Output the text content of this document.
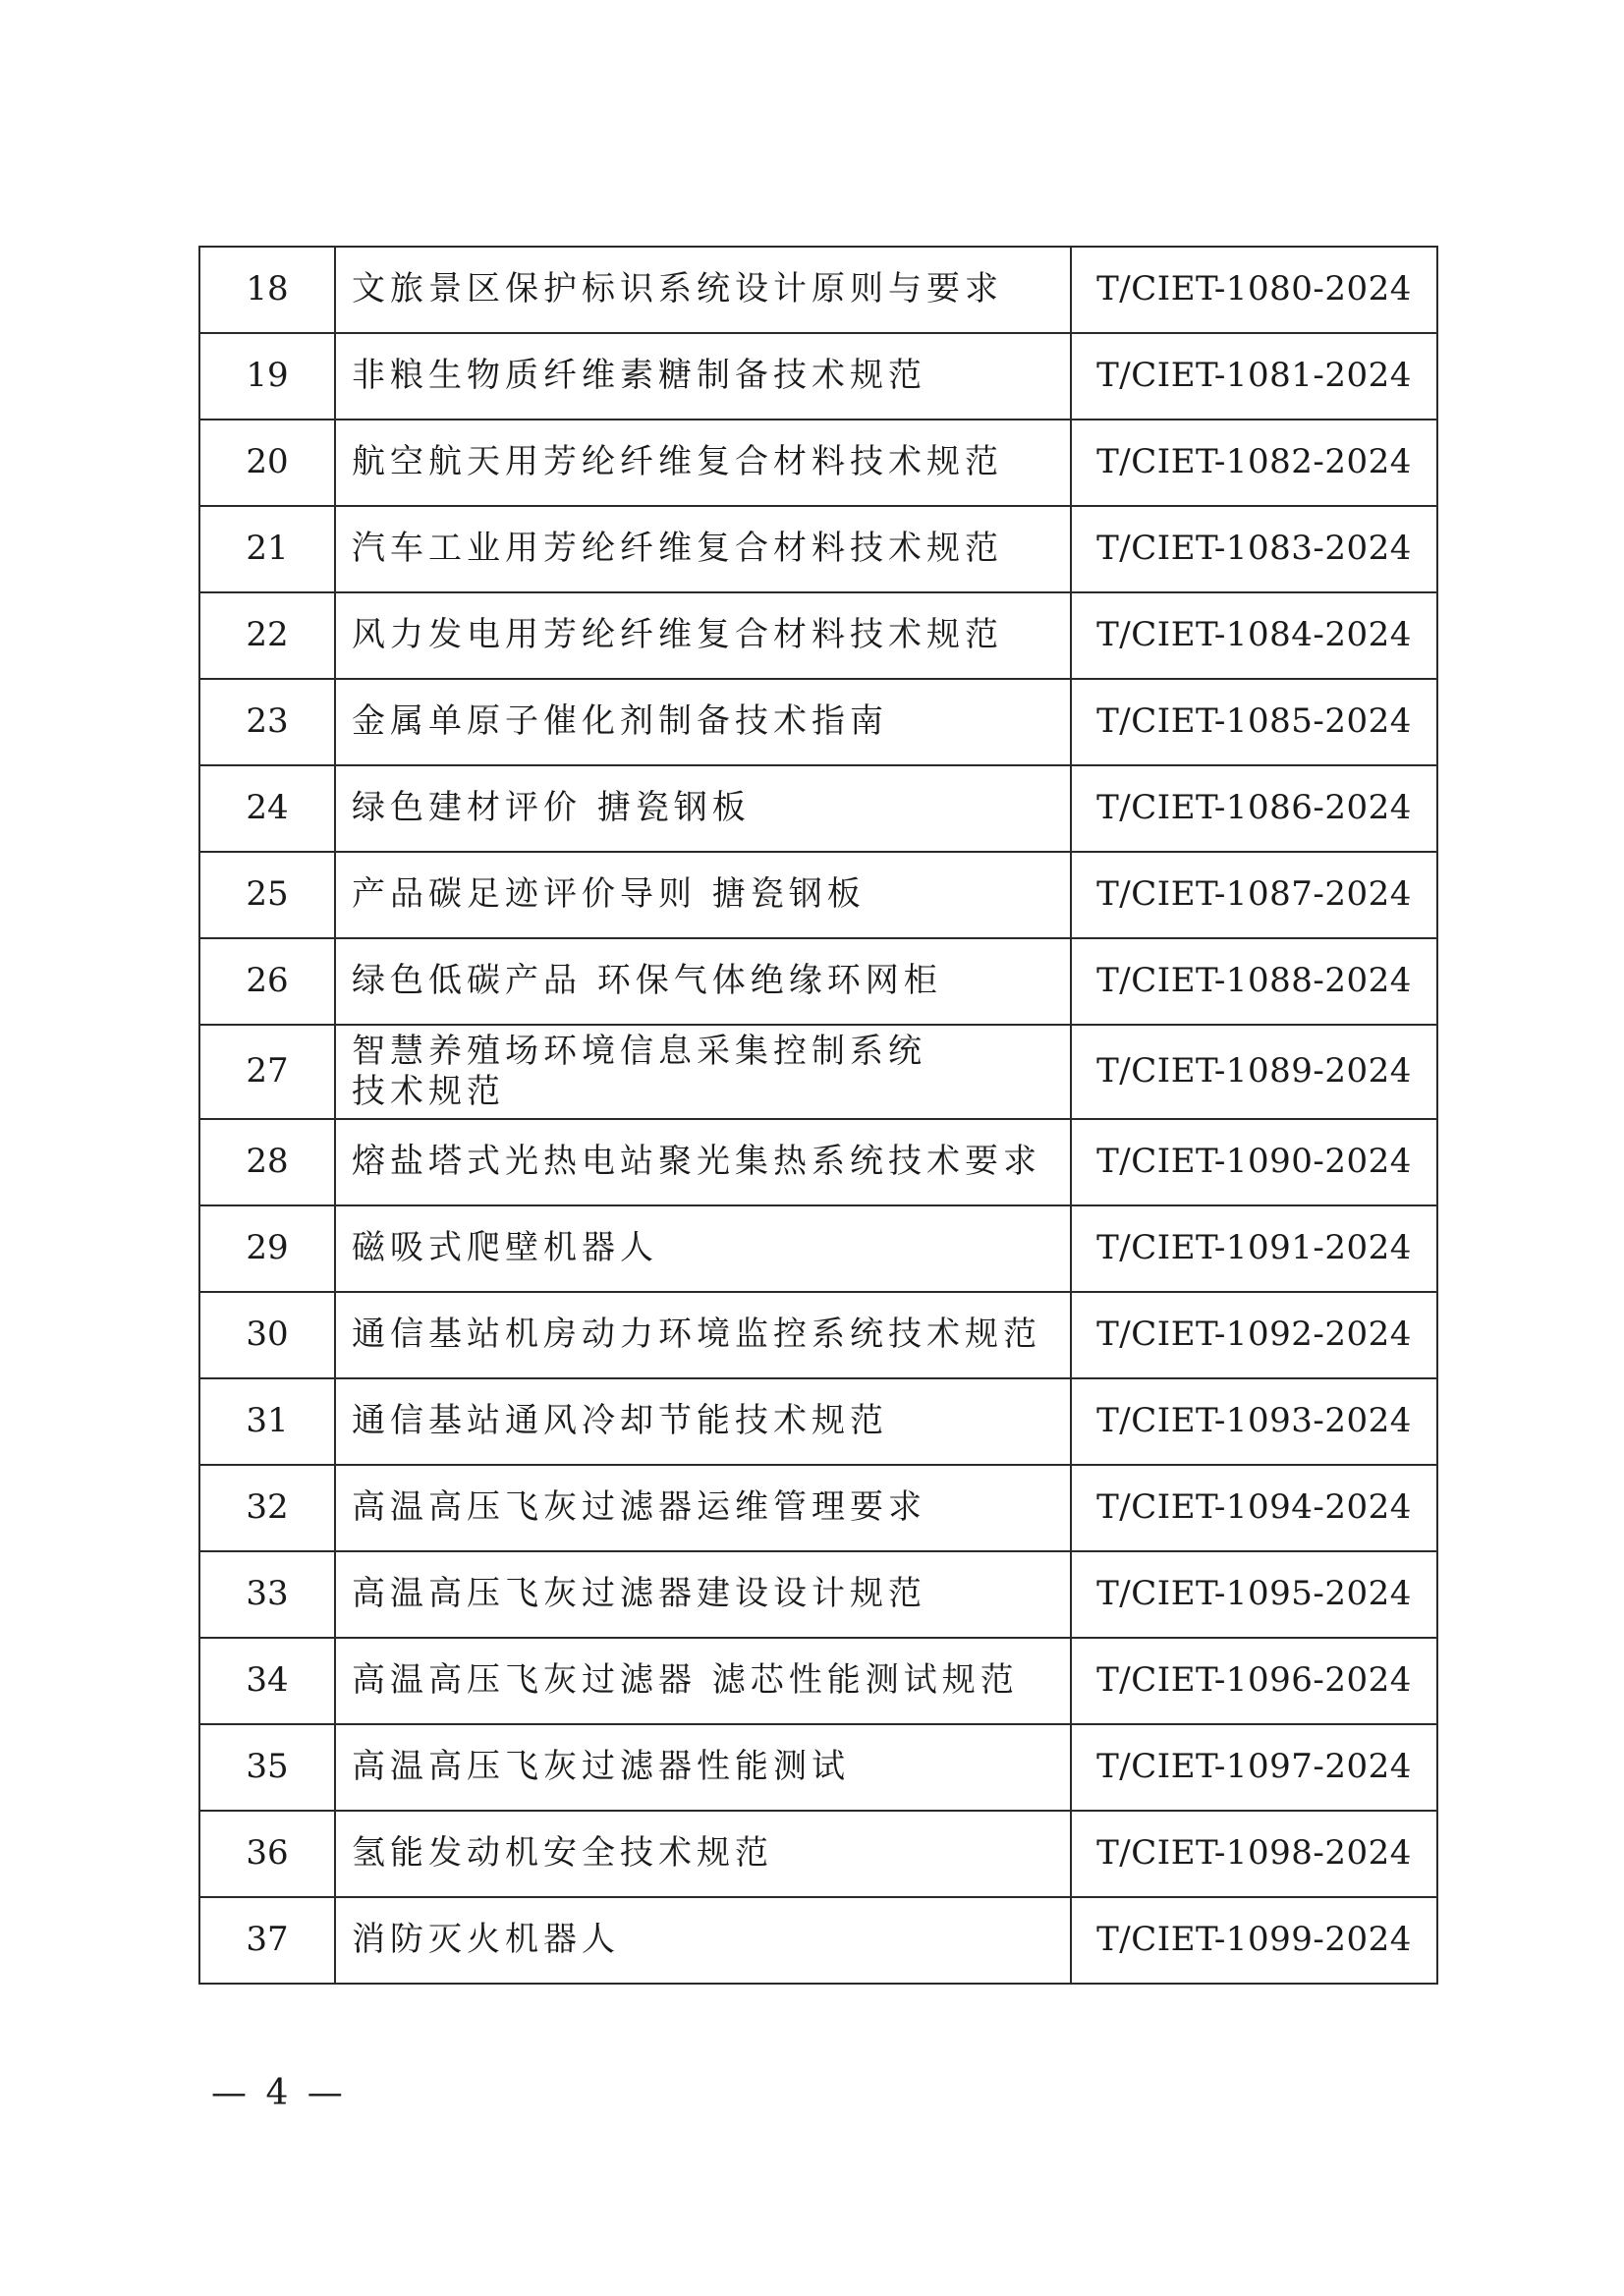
18	文旅景区保护标识系统设计原则与要求	T/CIET-1080-2024
19	非粮生物质纤维素糖制备技术规范	T/CIET-1081-2024
20	航空航天用芳纶纤维复合材料技术规范	T/CIET-1082-2024
21	汽车工业用芳纶纤维复合材料技术规范	T/CIET-1083-2024
22	风力发电用芳纶纤维复合材料技术规范	T/CIET-1084-2024
23	金属单原子催化剂制备技术指南	T/CIET-1085-2024
24	绿色建材评价 搪瓷钢板	T/CIET-1086-2024
25	产品碳足迹评价导则 搪瓷钢板	T/CIET-1087-2024
26	绿色低碳产品 环保气体绝缘环网柜	T/CIET-1088-2024
27	智慧养殖场环境信息采集控制系统
技术规范	T/CIET-1089-2024
28	熔盐塔式光热电站聚光集热系统技术要求	T/CIET-1090-2024
29	磁吸式爬壁机器人	T/CIET-1091-2024
30	通信基站机房动力环境监控系统技术规范	T/CIET-1092-2024
31	通信基站通风冷却节能技术规范	T/CIET-1093-2024
32	高温高压飞灰过滤器运维管理要求	T/CIET-1094-2024
33	高温高压飞灰过滤器建设设计规范	T/CIET-1095-2024
34	高温高压飞灰过滤器 滤芯性能测试规范	T/CIET-1096-2024
35	高温高压飞灰过滤器性能测试	T/CIET-1097-2024
36	氢能发动机安全技术规范	T/CIET-1098-2024
37	消防灭火机器人	T/CIET-1099-2024
— 4 —
